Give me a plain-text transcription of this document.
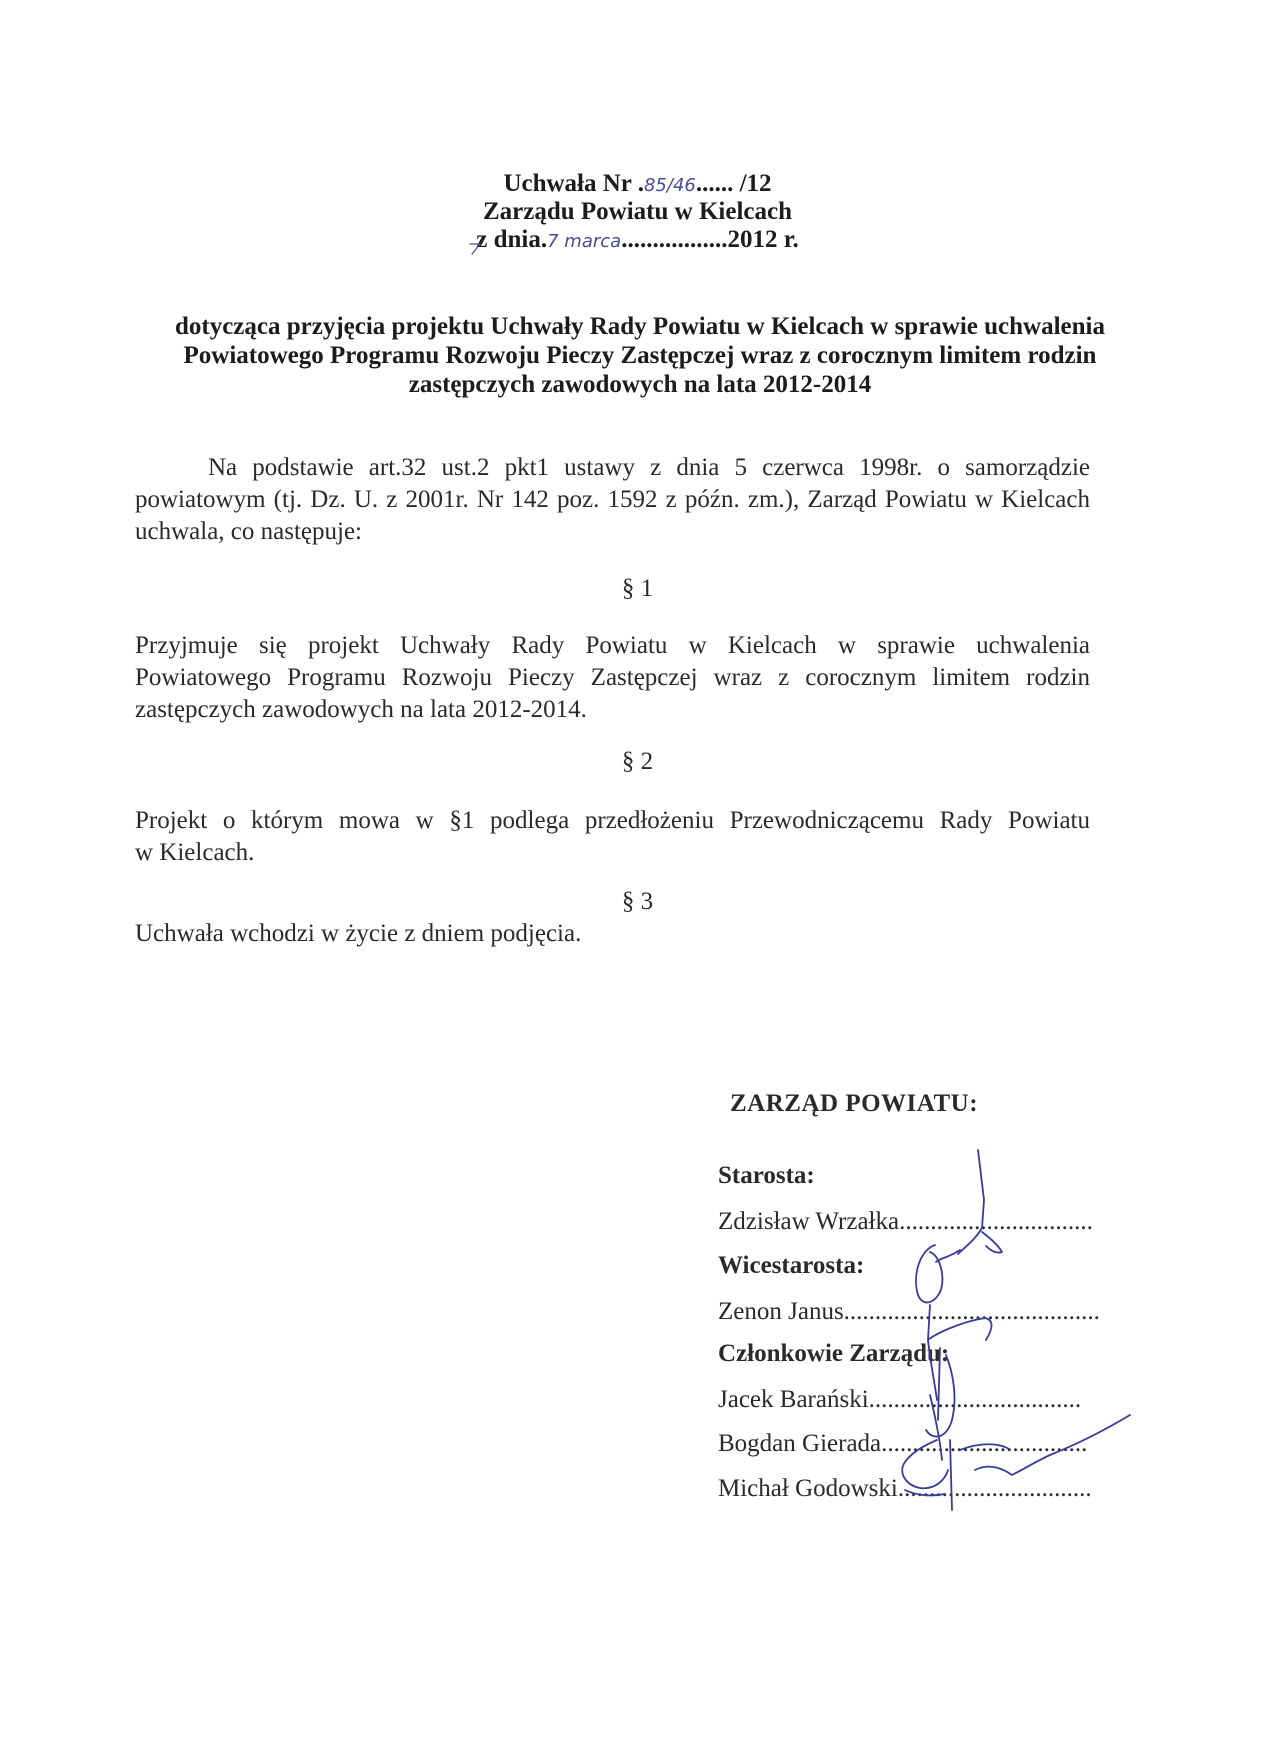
Uchwała Nr .85/46...... /12
Zarządu Powiatu w Kielcach
z dnia.7 marca.................2012 r.
dotycząca przyjęcia projektu Uchwały Rady Powiatu w Kielcach w sprawie uchwalenia
Powiatowego Programu Rozwoju Pieczy Zastępczej wraz z corocznym limitem rodzin
zastępczych zawodowych na lata 2012-2014
Na podstawie art.32 ust.2 pkt1 ustawy z dnia 5 czerwca 1998r. o samorządzie
powiatowym (tj. Dz. U. z 2001r. Nr 142 poz. 1592 z późn. zm.), Zarząd Powiatu w Kielcach
uchwala, co następuje:
§ 1
Przyjmuje się projekt Uchwały Rady Powiatu w Kielcach w sprawie uchwalenia
Powiatowego Programu Rozwoju Pieczy Zastępczej wraz z corocznym limitem rodzin
zastępczych zawodowych na lata 2012-2014.
§ 2
Projekt o którym mowa w §1 podlega przedłożeniu Przewodniczącemu Rady Powiatu
w Kielcach.
§ 3
Uchwała wchodzi w życie z dniem podjęcia.
ZARZĄD POWIATU:
Starosta:
Zdzisław Wrzałka...............................
Wicestarosta:
Zenon Janus.........................................
Członkowie Zarządu:
Jacek Barański..................................
Bogdan Gierada.................................
Michał Godowski...............................
